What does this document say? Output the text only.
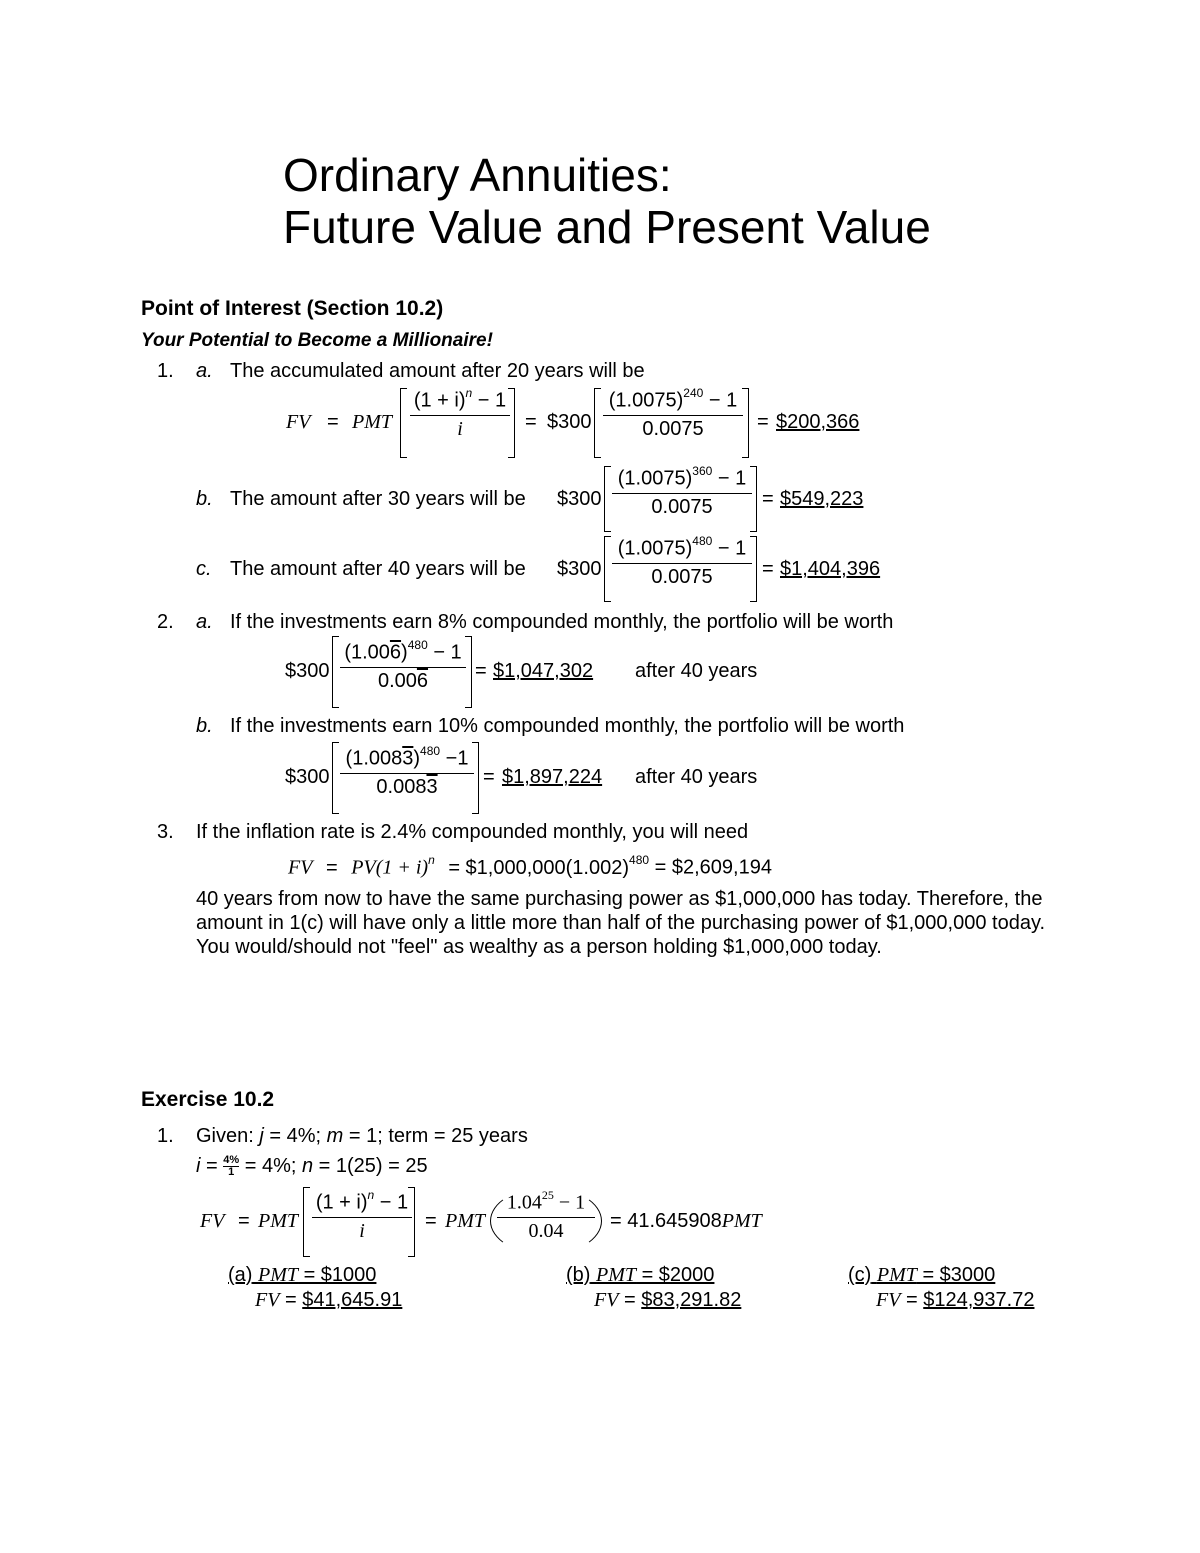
Ordinary Annuities:
Future Value and Present Value
Point of Interest (Section 10.2)
Your Potential to Become a Millionaire!
1. a. The accumulated amount after 20 years will be
FV = PMT
$(1 + i)^n - 1$
i	= $300
$(1.0075)^{240} - 1$
0.0075	= $200,366
b. The amount after 30 years will be $300
$(1.0075)^{360} - 1$
0.0075	= $549,223
c. The amount after 40 years will be $300
$(1.0075)^{480} - 1$
0.0075	= $1,404,396
2. a. If the investments earn 8% compounded monthly, the portfolio will be worth
$300
$(1.006)^{480} - 1$
0.006	= $1,047,302 after 40 years
b. If the investments earn 10% compounded monthly, the portfolio will be worth
$300
$(1.0083)^{480} -1$
0.0083	= $1,897,224 after 40 years
3. If the inflation rate is 2.4% compounded monthly, you will need
FV = $PV(1 + i)^n$ = $\$1,000,000(1.002)^{480}$ = $2,609,194
40 years from now to have the same purchasing power as $1,000,000 has today. Therefore, the amount in 1(c) will have only a little more than half of the purchasing power of $1,000,000 today. You would/should not "feel" as wealthy as a person holding $1,000,000 today.
Exercise 10.2
1. Given: j = 4%; m = 1; term = 25 years
$i = \frac{4\%}{1} = 4\%$; n = 1(25) = 25
FV = PMT
$(1 + i)^n - 1$
i	= PMT
$1.04^{25} - 1$
0.04	= 41.645908PMT
(a) PMT = $1000
FV = $41,645.91
(b) PMT = $2000
FV = $83,291.82
(c) PMT = $3000
FV = $124,937.72
